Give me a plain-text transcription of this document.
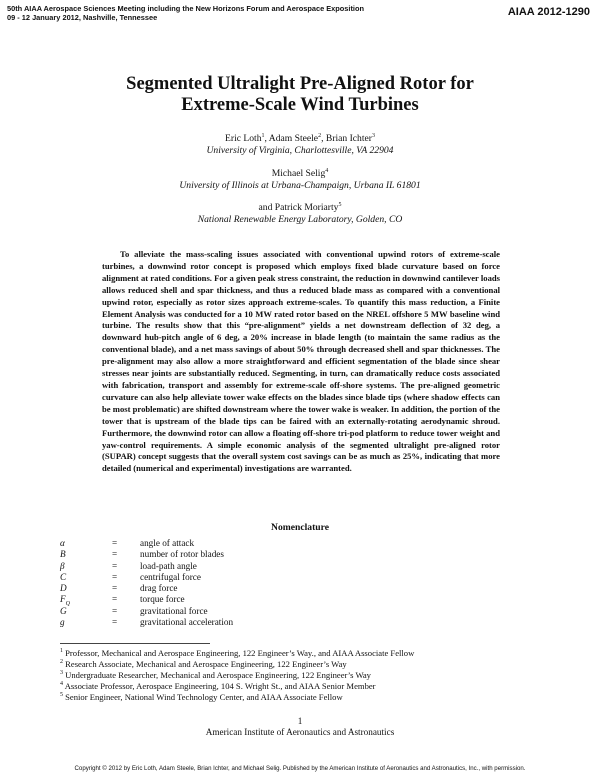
50th AIAA Aerospace Sciences Meeting including the New Horizons Forum and Aerospace Exposition
09 - 12 January 2012, Nashville, Tennessee	AIAA 2012-1290
Segmented Ultralight Pre-Aligned Rotor for
Extreme-Scale Wind Turbines
Eric Loth$^1$, Adam Steele$^2$, Brian Ichter$^3$
University of Virginia, Charlottesville, VA 22904
Michael Selig$^4$
University of Illinois at Urbana-Champaign, Urbana IL 61801
and Patrick Moriarty$^5$
National Renewable Energy Laboratory, Golden, CO

To alleviate the mass-scaling issues associated with conventional upwind rotors of extreme-scale turbines, a downwind rotor concept is proposed which employs fixed blade curvature based on force alignment at rated conditions. For a given peak stress constraint, the reduction in downwind cantilever loads allows reduced shell and spar thickness, and thus a reduced blade mass as compared with a conventional upwind rotor, especially as rotor sizes approach extreme-scales. To quantify this mass reduction, a Finite Element Analysis was conducted for a 10 MW rated rotor based on the NREL offshore 5 MW baseline wind turbine. The results show that this “pre-alignment” yields a net downstream deflection of 32 deg, a downward hub-pitch angle of 6 deg, a 20% increase in blade length (to maintain the same radius as the conventional blade), and a net mass savings of about 50% through decreased shell and spar thicknesses. The pre-alignment may also allow a more straightforward and efficient segmentation of the blade since shear stresses near joints are substantially reduced. Segmenting, in turn, can dramatically reduce costs associated with fabrication, transport and assembly for extreme-scale off-shore systems. The pre-aligned geometric curvature can also help alleviate tower wake effects on the blades since blade tips (where shadow effects can be most problematic) are shifted downstream where the tower wake is weaker. In addition, the portion of the tower that is upstream of the blade tips can be faired with an externally-rotating aerodynamic shroud. Furthermore, the downwind rotor can allow a floating off-shore tri-pod platform to reduce tower weight and yaw-control requirements. A simple economic analysis of the segmented ultralight pre-aligned rotor (SUPAR) concept suggests that the overall system cost savings can be as much as 25%, indicating that more detailed (numerical and experimental) investigations are warranted.

Nomenclature
α	= angle of attack
B	= number of rotor blades
β	= load-path angle
C	= centrifugal force
D	= drag force
$F_Q$	= torque force
G	= gravitational force
g	= gravitational acceleration
$^1$ Professor, Mechanical and Aerospace Engineering, 122 Engineer’s Way., and AIAA Associate Fellow
$^2$ Research Associate, Mechanical and Aerospace Engineering, 122 Engineer’s Way
$^3$ Undergraduate Researcher, Mechanical and Aerospace Engineering, 122 Engineer’s Way
$^4$ Associate Professor, Aerospace Engineering, 104 S. Wright St., and AIAA Senior Member
$^5$ Senior Engineer, National Wind Technology Center, and AIAA Associate Fellow
1
American Institute of Aeronautics and Astronautics
Copyright © 2012 by Eric Loth, Adam Steele, Brian Ichter, and Michael Selig. Published by the American Institute of Aeronautics and Astronautics, Inc., with permission.
